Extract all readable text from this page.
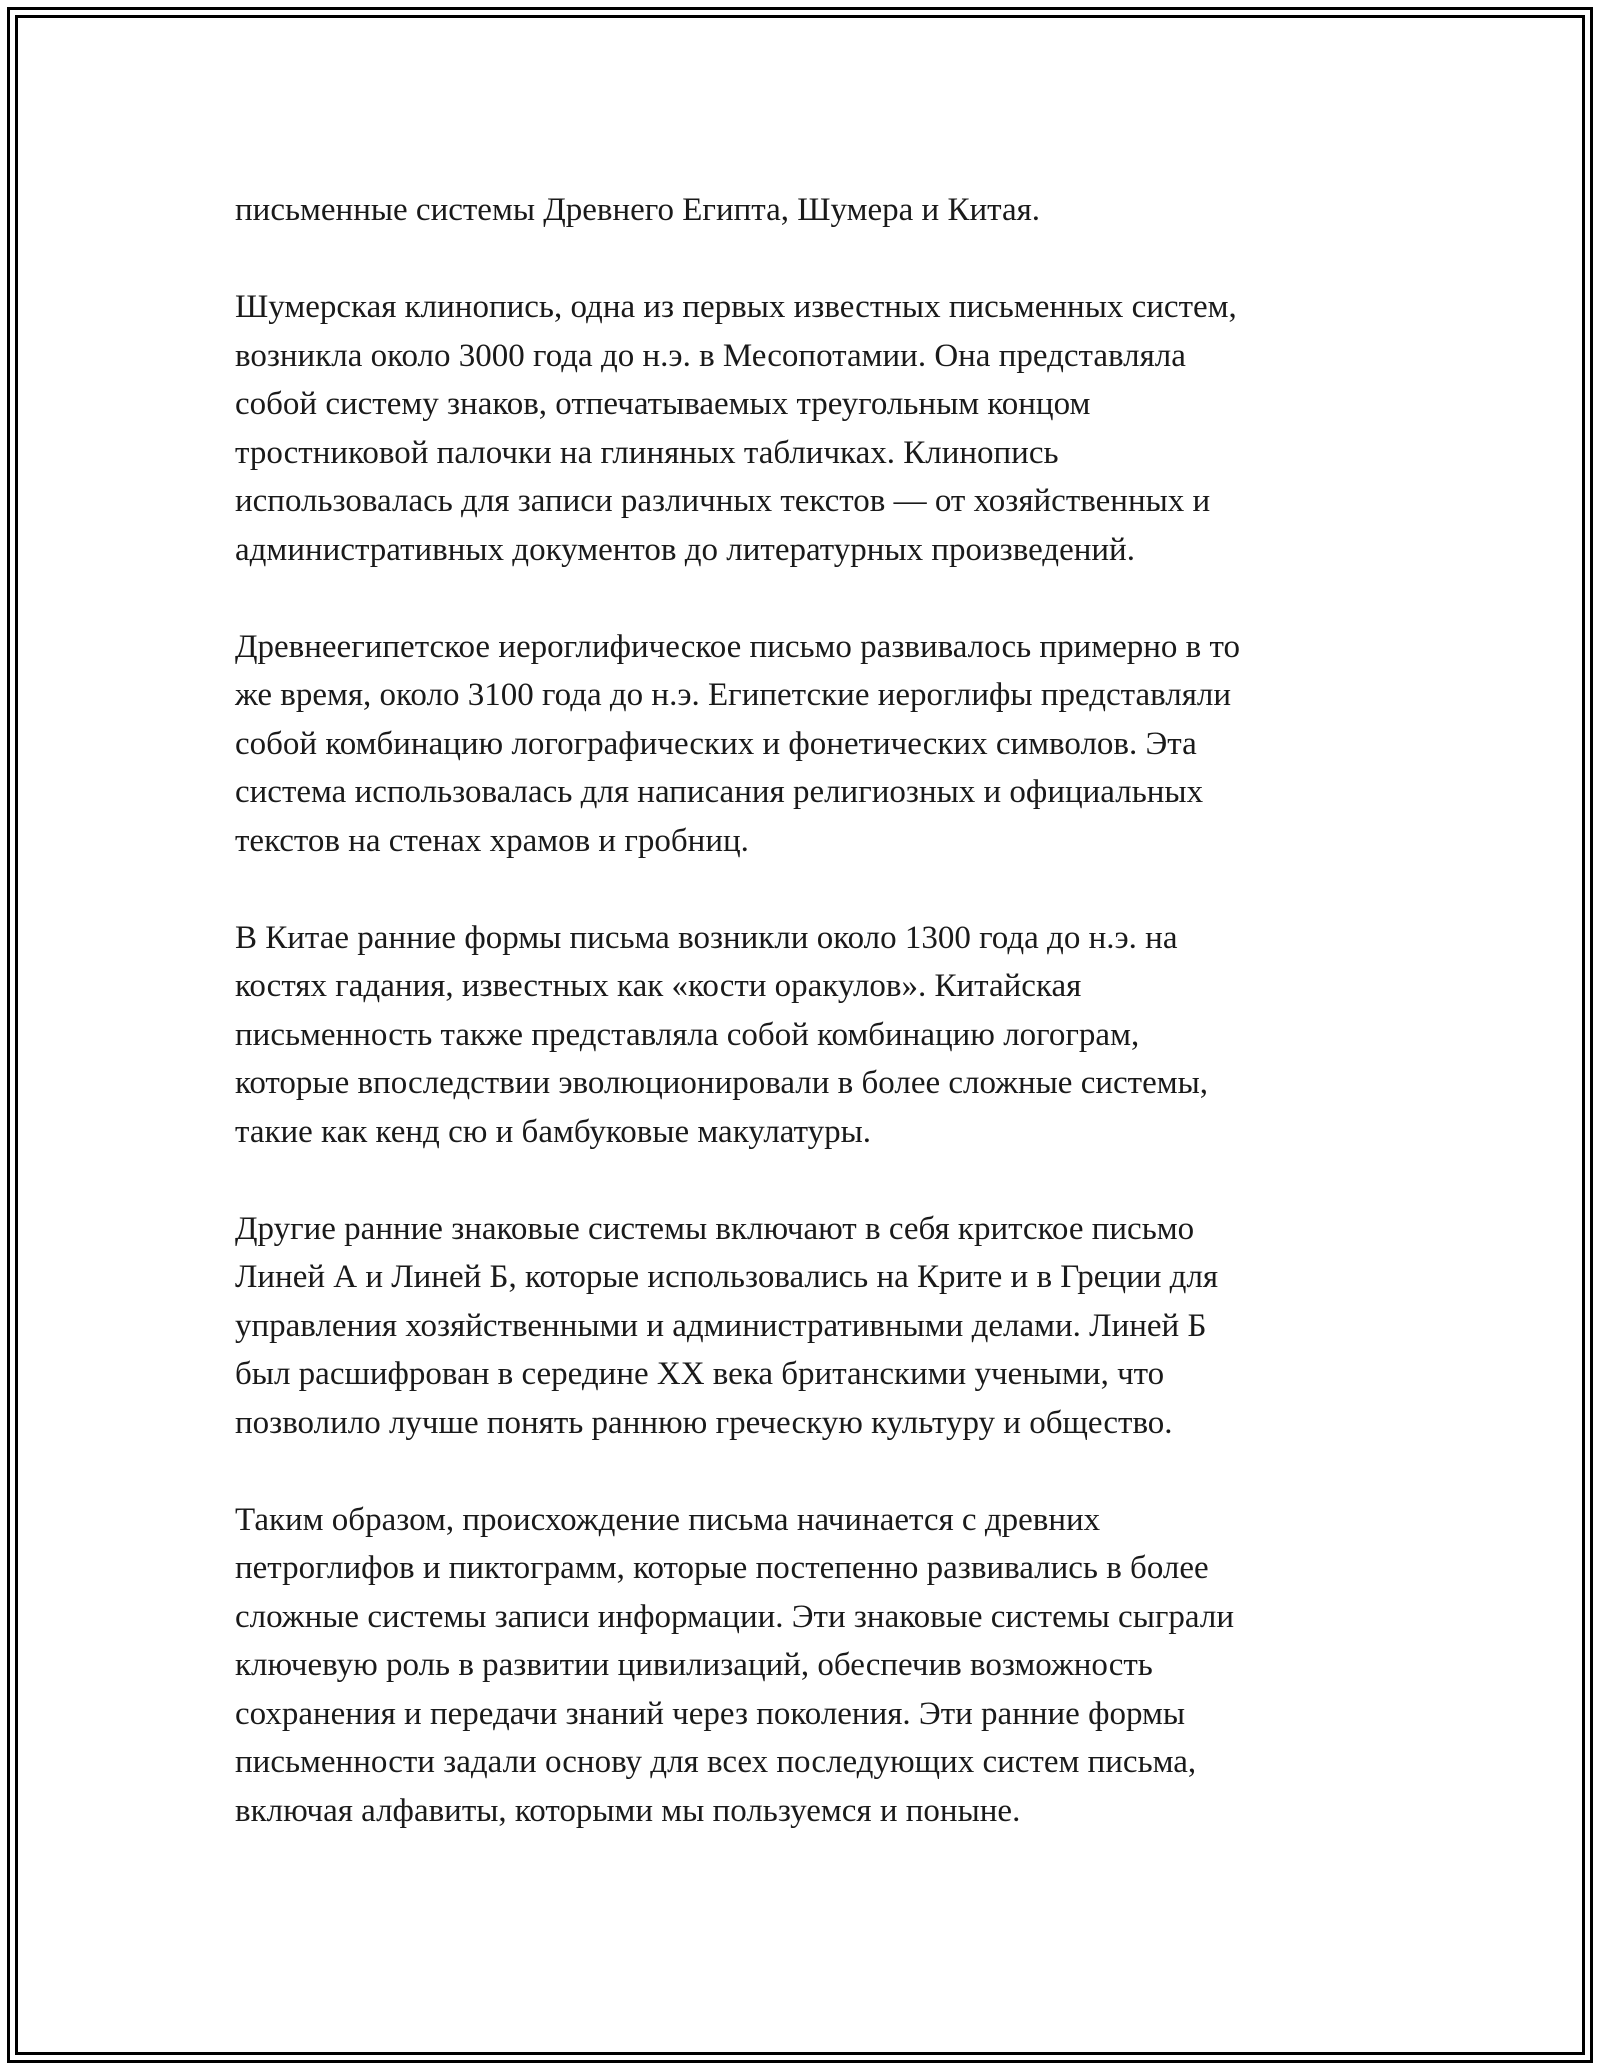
письменные системы Древнего Египта, Шумера и Китая.

Шумерская клинопись, одна из первых известных письменных систем,
возникла около 3000 года до н.э. в Месопотамии. Она представляла
собой систему знаков, отпечатываемых треугольным концом
тростниковой палочки на глиняных табличках. Клинопись
использовалась для записи различных текстов — от хозяйственных и
административных документов до литературных произведений.

Древнеегипетское иероглифическое письмо развивалось примерно в то
же время, около 3100 года до н.э. Египетские иероглифы представляли
собой комбинацию логографических и фонетических символов. Эта
система использовалась для написания религиозных и официальных
текстов на стенах храмов и гробниц.

В Китае ранние формы письма возникли около 1300 года до н.э. на
костях гадания, известных как «кости оракулов». Китайская
письменность также представляла собой комбинацию логограм,
которые впоследствии эволюционировали в более сложные системы,
такие как кенд сю и бамбуковые макулатуры.

Другие ранние знаковые системы включают в себя критское письмо
Линей А и Линей Б, которые использовались на Крите и в Греции для
управления хозяйственными и административными делами. Линей Б
был расшифрован в середине XX века британскими учеными, что
позволило лучше понять раннюю греческую культуру и общество.

Таким образом, происхождение письма начинается с древних
петроглифов и пиктограмм, которые постепенно развивались в более
сложные системы записи информации. Эти знаковые системы сыграли
ключевую роль в развитии цивилизаций, обеспечив возможность
сохранения и передачи знаний через поколения. Эти ранние формы
письменности задали основу для всех последующих систем письма,
включая алфавиты, которыми мы пользуемся и поныне.
